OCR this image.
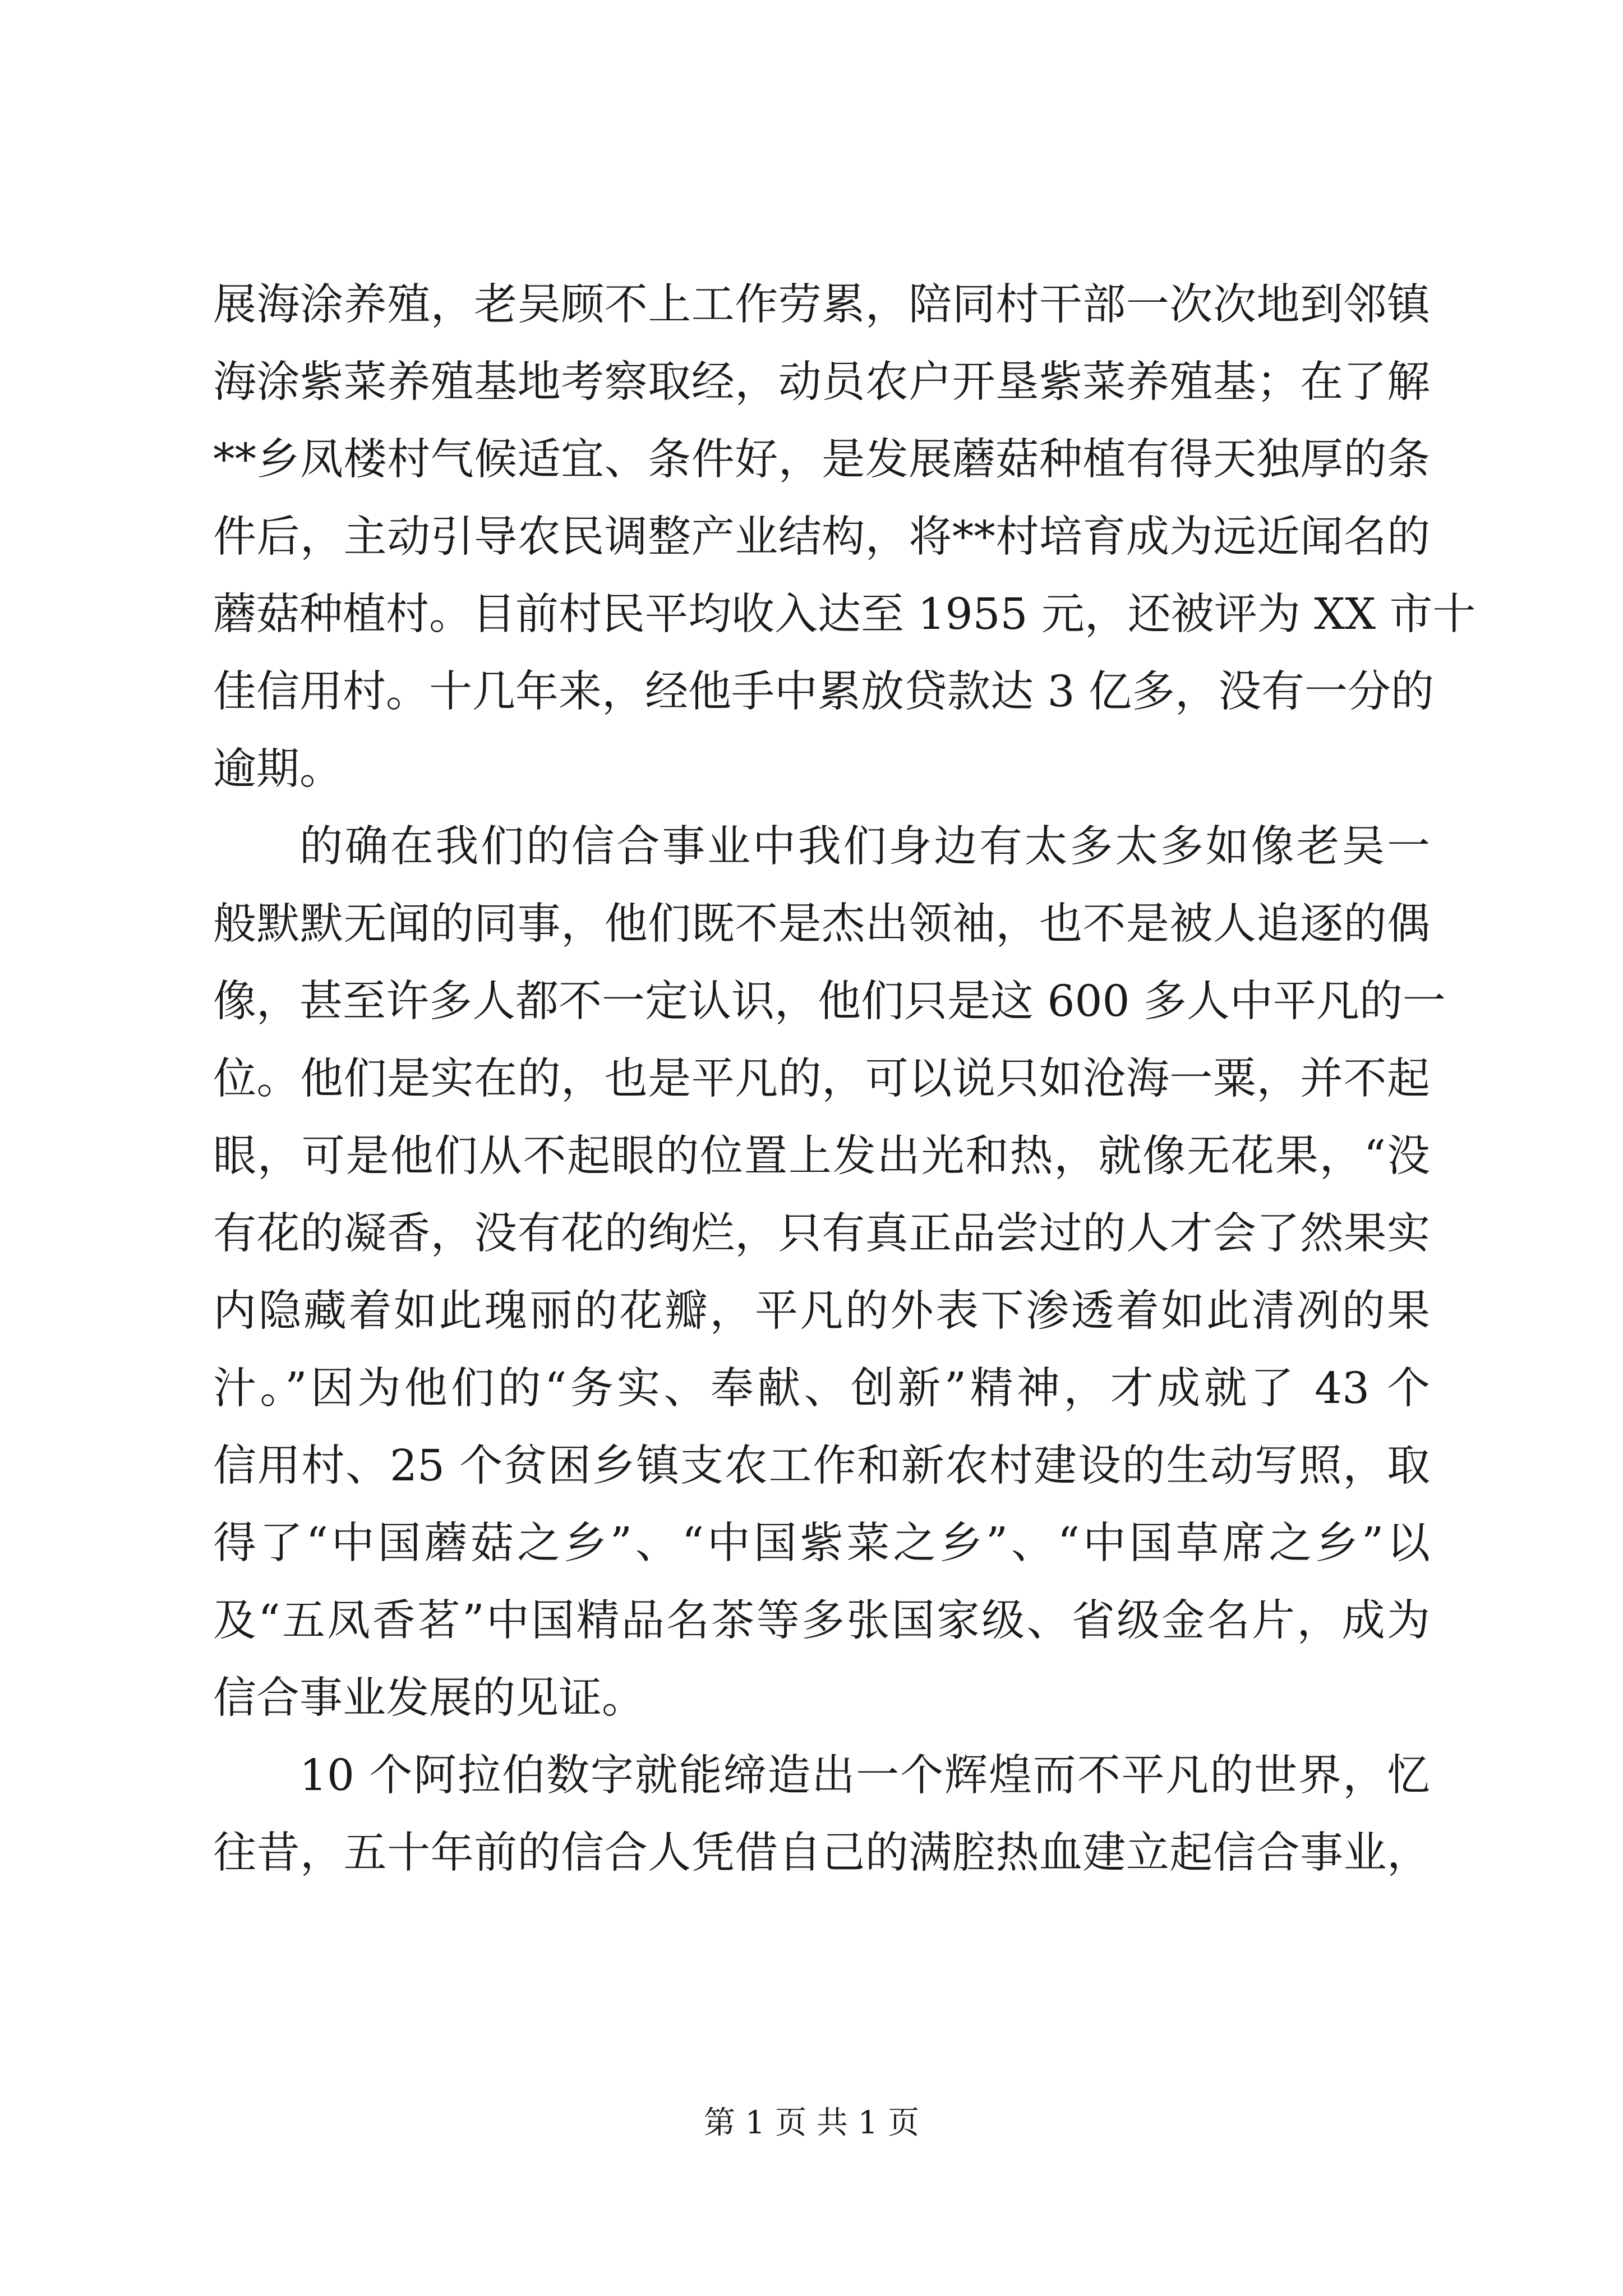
展海涂养殖，老吴顾不上工作劳累，陪同村干部一次次地到邻镇
海涂紫菜养殖基地考察取经，动员农户开垦紫菜养殖基；在了解
**乡凤楼村气候适宜、条件好，是发展蘑菇种植有得天独厚的条
件后，主动引导农民调整产业结构，将**村培育成为远近闻名的
蘑菇种植村。目前村民平均收入达至 1955 元，还被评为 XX 市十
佳信用村。十几年来，经他手中累放贷款达 3 亿多，没有一分的
逾期。
的确在我们的信合事业中我们身边有太多太多如像老吴一
般默默无闻的同事，他们既不是杰出领袖，也不是被人追逐的偶
像，甚至许多人都不一定认识，他们只是这 600 多人中平凡的一
位。他们是实在的，也是平凡的，可以说只如沧海一粟，并不起
眼，可是他们从不起眼的位置上发出光和热，就像无花果，“没
有花的凝香，没有花的绚烂，只有真正品尝过的人才会了然果实
内隐藏着如此瑰丽的花瓣，平凡的外表下渗透着如此清冽的果
汁。”因为他们的“务实、奉献、创新”精神，才成就了 43 个
信用村、25 个贫困乡镇支农工作和新农村建设的生动写照，取
得了“中国蘑菇之乡”、“中国紫菜之乡”、“中国草席之乡”以
及“五凤香茗”中国精品名茶等多张国家级、省级金名片，成为
信合事业发展的见证。
10 个阿拉伯数字就能缔造出一个辉煌而不平凡的世界，忆
往昔，五十年前的信合人凭借自己的满腔热血建立起信合事业，
第 1 页 共 1 页
